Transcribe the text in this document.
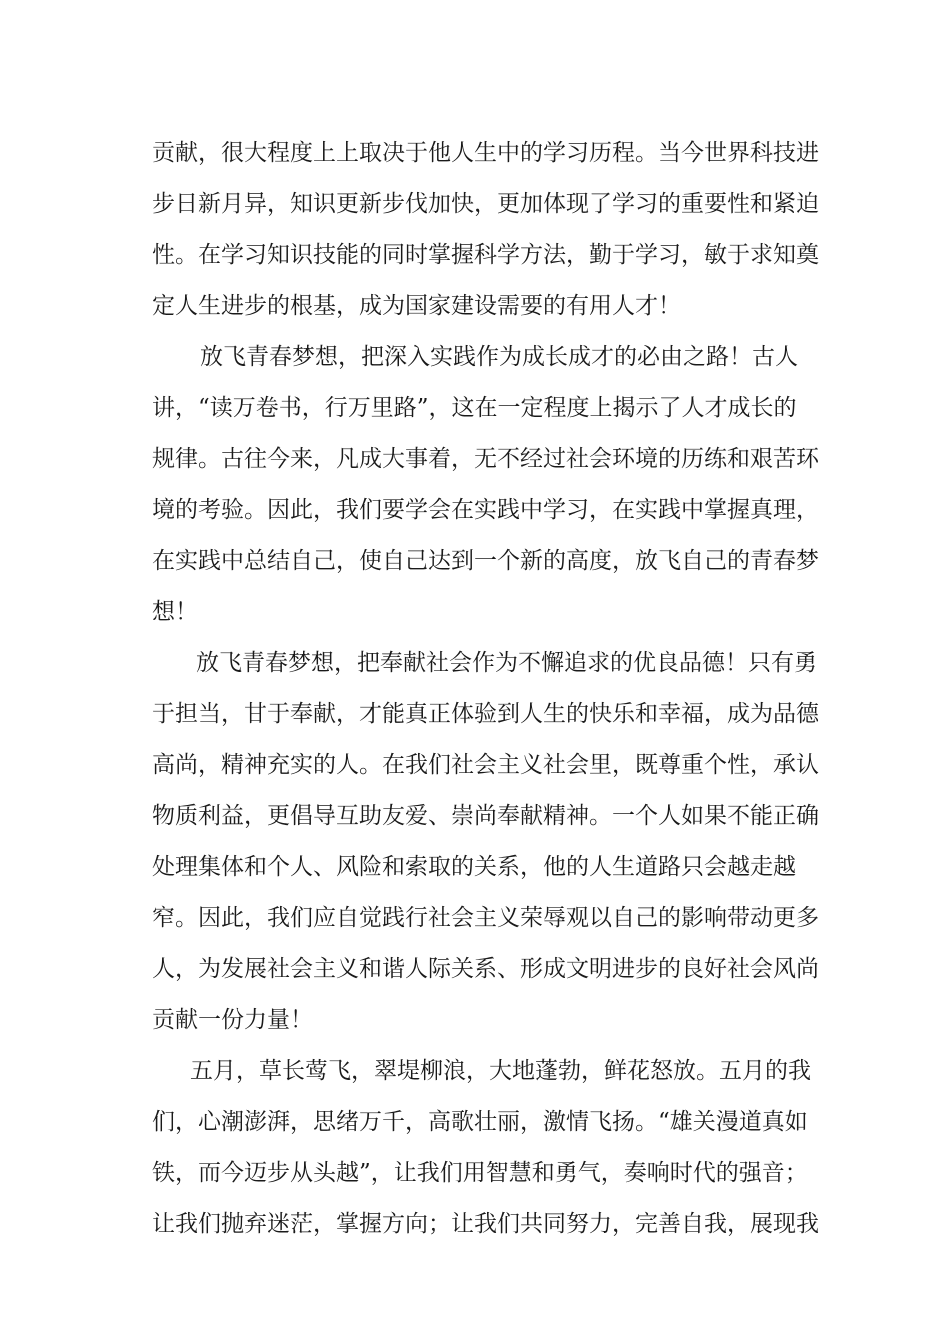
贡献，很大程度上上取决于他人生中的学习历程。当今世界科技进
步日新月异，知识更新步伐加快，更加体现了学习的重要性和紧迫
性。在学习知识技能的同时掌握科学方法，勤于学习，敏于求知奠
定人生进步的根基，成为国家建设需要的有用人才！
放飞青春梦想，把深入实践作为成长成才的必由之路！古人
讲，“读万卷书，行万里路”，这在一定程度上揭示了人才成长的
规律。古往今来，凡成大事着，无不经过社会环境的历练和艰苦环
境的考验。因此，我们要学会在实践中学习，在实践中掌握真理，
在实践中总结自己，使自己达到一个新的高度，放飞自己的青春梦
想！
放飞青春梦想，把奉献社会作为不懈追求的优良品德！只有勇
于担当，甘于奉献，才能真正体验到人生的快乐和幸福，成为品德
高尚，精神充实的人。在我们社会主义社会里，既尊重个性，承认
物质利益，更倡导互助友爱、崇尚奉献精神。一个人如果不能正确
处理集体和个人、风险和索取的关系，他的人生道路只会越走越
窄。因此，我们应自觉践行社会主义荣辱观以自己的影响带动更多
人，为发展社会主义和谐人际关系、形成文明进步的良好社会风尚
贡献一份力量！
五月，草长莺飞，翠堤柳浪，大地蓬勃，鲜花怒放。五月的我
们，心潮澎湃，思绪万千，高歌壮丽，激情飞扬。“雄关漫道真如
铁，而今迈步从头越”，让我们用智慧和勇气，奏响时代的强音；
让我们抛弃迷茫，掌握方向；让我们共同努力，完善自我，展现我
